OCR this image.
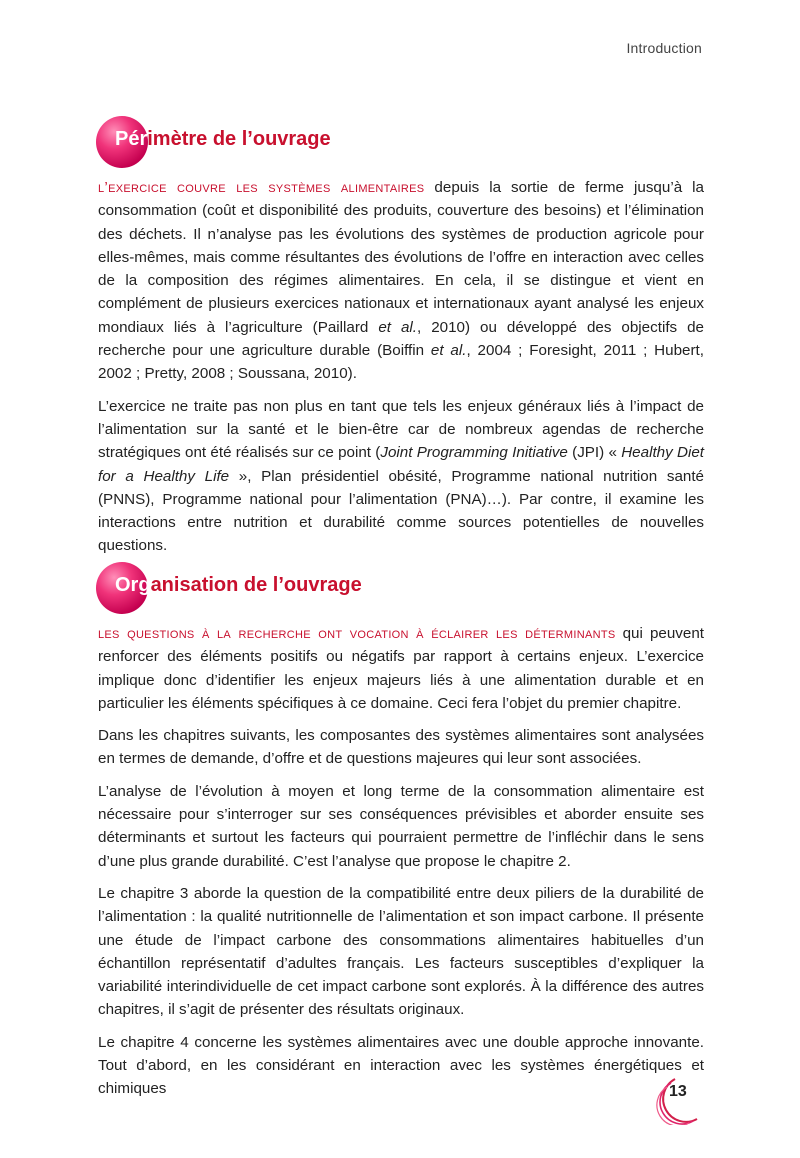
Introduction
Périmètre de l’ouvrage

l’exercice couvre les systèmes alimentaires depuis la sortie de ferme jusqu’à la consommation (coût et disponibilité des produits, couverture des besoins) et l’élimination des déchets. Il n’analyse pas les évolutions des systèmes de production agricole pour elles-mêmes, mais comme résultantes des évolutions de l’offre en interaction avec celles de la composition des régimes alimentaires. En cela, il se distingue et vient en complément de plusieurs exercices nationaux et internationaux ayant analysé les enjeux mondiaux liés à l’agriculture (Paillard et al., 2010) ou développé des objectifs de recherche pour une agriculture durable (Boiffin et al., 2004 ; Foresight, 2011 ; Hubert, 2002 ; Pretty, 2008 ; Soussana, 2010).

L’exercice ne traite pas non plus en tant que tels les enjeux généraux liés à l’impact de l’alimentation sur la santé et le bien-être car de nombreux agendas de recherche stratégiques ont été réalisés sur ce point (Joint Programming Initiative (JPI) « Healthy Diet for a Healthy Life », Plan présidentiel obésité, Programme national nutrition santé (PNNS), Programme national pour l’alimentation (PNA)…). Par contre, il examine les interactions entre nutrition et durabilité comme sources potentielles de nouvelles questions.

Organisation de l’ouvrage

les questions à la recherche ont vocation à éclairer les déterminants qui peuvent renforcer des éléments positifs ou négatifs par rapport à certains enjeux. L’exercice implique donc d’identifier les enjeux majeurs liés à une alimentation durable et en particulier les éléments spécifiques à ce domaine. Ceci fera l’objet du premier chapitre.

Dans les chapitres suivants, les composantes des systèmes alimentaires sont analysées en termes de demande, d’offre et de questions majeures qui leur sont associées.

L’analyse de l’évolution à moyen et long terme de la consommation alimentaire est nécessaire pour s’interroger sur ses conséquences prévisibles et aborder ensuite ses déterminants et surtout les facteurs qui pourraient permettre de l’infléchir dans le sens d’une plus grande durabilité. C’est l’analyse que propose le chapitre 2.

Le chapitre 3 aborde la question de la compatibilité entre deux piliers de la durabilité de l’alimentation : la qualité nutritionnelle de l’alimentation et son impact carbone. Il présente une étude de l’impact carbone des consommations alimentaires habituelles d’un échantillon représentatif d’adultes français. Les facteurs susceptibles d’expliquer la variabilité interindividuelle de cet impact carbone sont explorés. À la différence des autres chapitres, il s’agit de présenter des résultats originaux.

Le chapitre 4 concerne les systèmes alimentaires avec une double approche innovante. Tout d’abord, en les considérant en interaction avec les systèmes énergétiques et chimiques	13
